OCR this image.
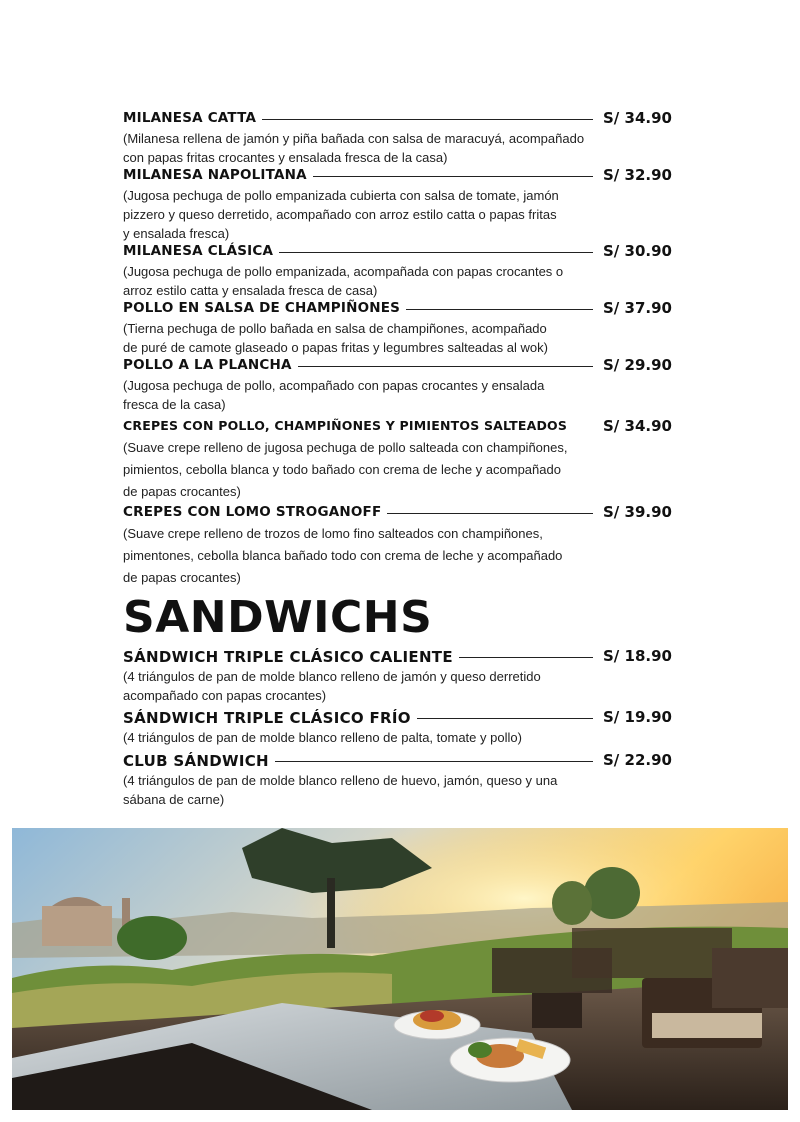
MILANESA CATTA	S/ 34.90
(Milanesa rellena de jamón y piña bañada con salsa de maracuyá, acompañado
con papas fritas crocantes y ensalada fresca de la casa)
MILANESA NAPOLITANA	S/ 32.90
(Jugosa pechuga de pollo empanizada cubierta con salsa de tomate, jamón
pizzero y queso derretido, acompañado con arroz estilo catta o papas fritas
y ensalada fresca)
MILANESA CLÁSICA	S/ 30.90
(Jugosa pechuga de pollo empanizada, acompañada con papas crocantes o
arroz estilo catta y ensalada fresca de casa)
POLLO EN SALSA DE CHAMPIÑONES	S/ 37.90
(Tierna pechuga de pollo bañada en salsa de champiñones, acompañado
de puré de camote glaseado o papas fritas y legumbres salteadas al wok)
POLLO A LA PLANCHA	S/ 29.90
(Jugosa pechuga de pollo, acompañado con papas crocantes y ensalada
fresca de la casa)
CREPES CON POLLO, CHAMPIÑONES Y PIMIENTOS SALTEADOS	S/ 34.90
(Suave crepe relleno de jugosa pechuga de pollo salteada con champiñones,
pimientos, cebolla blanca y todo bañado con crema de leche y acompañado
de papas crocantes)
CREPES CON LOMO STROGANOFF	S/ 39.90
(Suave crepe relleno de trozos de lomo fino salteados con champiñones,
pimentones, cebolla blanca bañado todo con crema de leche y acompañado
de papas crocantes)
SANDWICHS
SÁNDWICH TRIPLE CLÁSICO CALIENTE	S/ 18.90
(4 triángulos de pan de molde blanco relleno de jamón y queso derretido
acompañado con papas crocantes)
SÁNDWICH TRIPLE CLÁSICO FRÍO	S/ 19.90
(4 triángulos de pan de molde blanco relleno de palta, tomate y pollo)
CLUB SÁNDWICH	S/ 22.90
(4 triángulos de pan de molde blanco relleno de huevo, jamón, queso y una
sábana de carne)
